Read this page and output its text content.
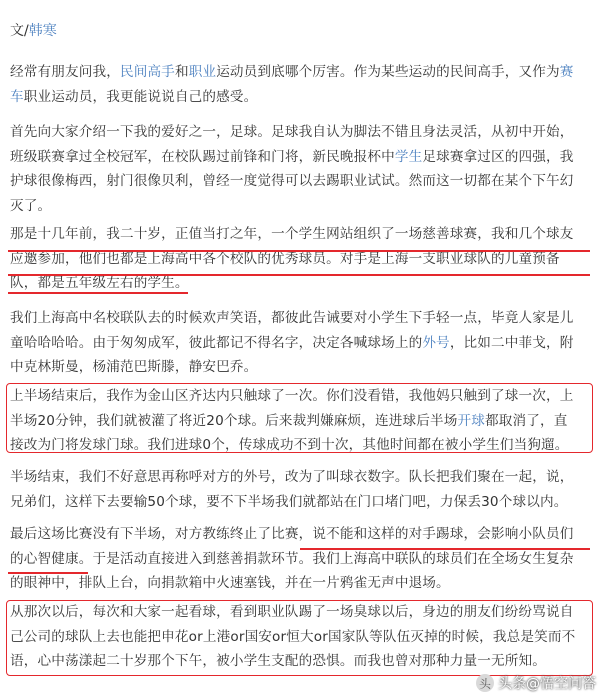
文/韩寒
经常有朋友问我，民间高手和职业运动员到底哪个厉害。作为某些运动的民间高手，又作为赛
车职业运动员，我更能说说自己的感受。
首先向大家介绍一下我的爱好之一，足球。足球我自认为脚法不错且身法灵活，从初中开始，
班级联赛拿过全校冠军，在校队踢过前锋和门将，新民晚报杯中学生足球赛拿过区的四强，我
护球很像梅西，射门很像贝利，曾经一度觉得可以去踢职业试试。然而这一切都在某个下午幻
灭了。
那是十几年前，我二十岁，正值当打之年，一个学生网站组织了一场慈善球赛，我和几个球友
应邀参加，他们也都是上海高中各个校队的优秀球员。对手是上海一支职业球队的儿童预备
队，都是五年级左右的学生。
我们上海高中名校联队去的时候欢声笑语，都彼此告诫要对小学生下手轻一点，毕竟人家是儿
童哈哈哈哈。由于匆匆成军，彼此都记不得名字，决定各喊球场上的外号，比如二中菲戈，附
中克林斯曼，杨浦范巴斯滕，静安巴乔。
上半场结束后，我作为金山区齐达内只触球了一次。你们没看错，我他妈只触到了球一次，上
半场20分钟，我们就被灌了将近20个球。后来裁判嫌麻烦，连进球后半场开球都取消了，直
接改为门将发球门球。我们进球0个，传球成功不到十次，其他时间都在被小学生们当狗遛。
半场结束，我们不好意思再称呼对方的外号，改为了叫球衣数字。队长把我们聚在一起，说，
兄弟们，这样下去要输50个球，要不下半场我们就都站在门口堵门吧，力保丢30个球以内。
最后这场比赛没有下半场，对方教练终止了比赛，说不能和这样的对手踢球，会影响小队员们
的心智健康。于是活动直接进入到慈善捐款环节。我们上海高中联队的球员们在全场女生复杂
的眼神中，排队上台，向捐款箱中火速塞钱，并在一片鸦雀无声中退场。
从那次以后，每次和大家一起看球，看到职业队踢了一场臭球以后，身边的朋友们纷纷骂说自
己公司的球队上去也能把申花or上港or国安or恒大or国家队等队伍灭掉的时候，我总是笑而不
语，心中荡漾起二十岁那个下午，被小学生支配的恐惧。而我也曾对那种力量一无所知。
头 头条@悟空问答
